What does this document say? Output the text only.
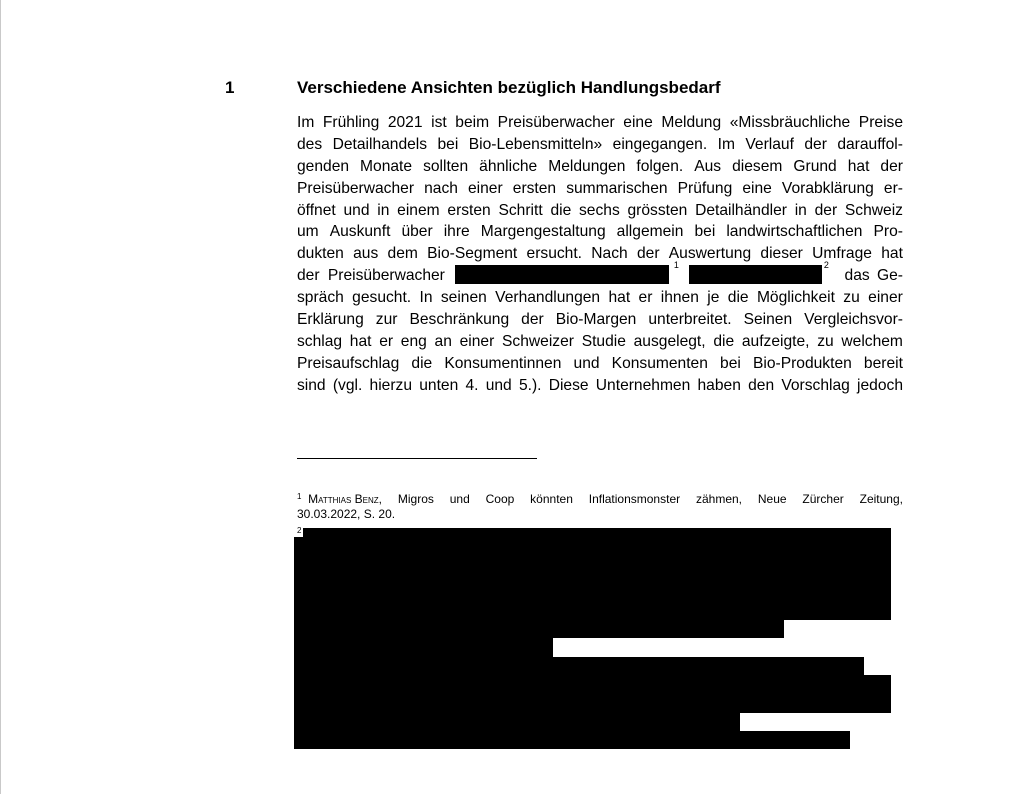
1	Verschiedene Ansichten bezüglich Handlungsbedarf
Im Frühling 2021 ist beim Preisüberwacher eine Meldung «Missbräuchliche Preise
des Detailhandels bei Bio-Lebensmitteln» eingegangen. Im Verlauf der darauffol-
genden Monate sollten ähnliche Meldungen folgen. Aus diesem Grund hat der
Preisüberwacher nach einer ersten summarischen Prüfung eine Vorabklärung er-
öffnet und in einem ersten Schritt die sechs grössten Detailhändler in der Schweiz
um Auskunft über ihre Margengestaltung allgemein bei landwirtschaftlichen Pro-
dukten aus dem Bio-Segment ersucht. Nach der Auswertung dieser Umfrage hat
der Preisüberwacher
1	2
das Ge-
spräch gesucht. In seinen Verhandlungen hat er ihnen je die Möglichkeit zu einer
Erklärung zur Beschränkung der Bio-Margen unterbreitet. Seinen Vergleichsvor-
schlag hat er eng an einer Schweizer Studie ausgelegt, die aufzeigte, zu welchem
Preisaufschlag die Konsumentinnen und Konsumenten bei Bio-Produkten bereit
sind (vgl. hierzu unten 4. und 5.). Diese Unternehmen haben den Vorschlag jedoch
$^1$ Matthias Benz, Migros und Coop könnten Inflationsmonster zähmen, Neue Zürcher Zeitung,
30.03.2022, S. 20.
2
